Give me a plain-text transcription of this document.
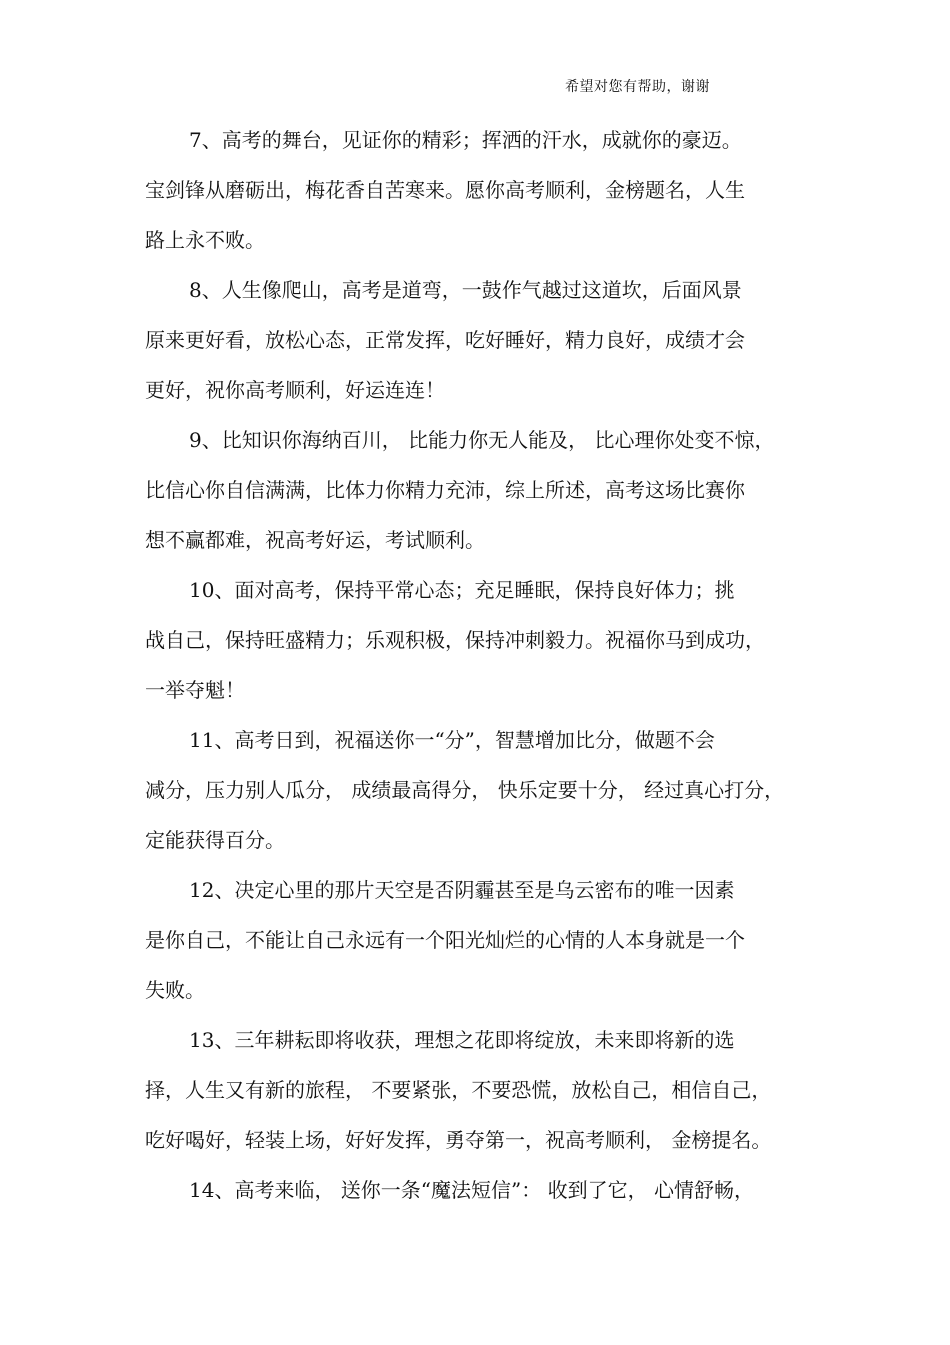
希望对您有帮助，谢谢
7、高考的舞台，见证你的精彩；挥洒的汗水，成就你的豪迈。
宝剑锋从磨砺出，梅花香自苦寒来。愿你高考顺利，金榜题名，人生
路上永不败。
8、人生像爬山，高考是道弯，一鼓作气越过这道坎，后面风景
原来更好看，放松心态，正常发挥，吃好睡好，精力良好，成绩才会
更好，祝你高考顺利，好运连连！
9、比知识你海纳百川， 比能力你无人能及， 比心理你处变不惊，
比信心你自信满满，比体力你精力充沛，综上所述，高考这场比赛你
想不赢都难，祝高考好运，考试顺利。
10、面对高考，保持平常心态；充足睡眠，保持良好体力；挑
战自己，保持旺盛精力；乐观积极，保持冲刺毅力。祝福你马到成功，
一举夺魁！
11、高考日到，祝福送你一“分”，智慧增加比分，做题不会
减分，压力别人瓜分， 成绩最高得分， 快乐定要十分， 经过真心打分，
定能获得百分。
12、决定心里的那片天空是否阴霾甚至是乌云密布的唯一因素
是你自己，不能让自己永远有一个阳光灿烂的心情的人本身就是一个
失败。
13、三年耕耘即将收获，理想之花即将绽放，未来即将新的选
择，人生又有新的旅程， 不要紧张，不要恐慌，放松自己，相信自己，
吃好喝好，轻装上场，好好发挥，勇夺第一，祝高考顺利， 金榜提名。
14、高考来临， 送你一条“魔法短信”： 收到了它， 心情舒畅，
